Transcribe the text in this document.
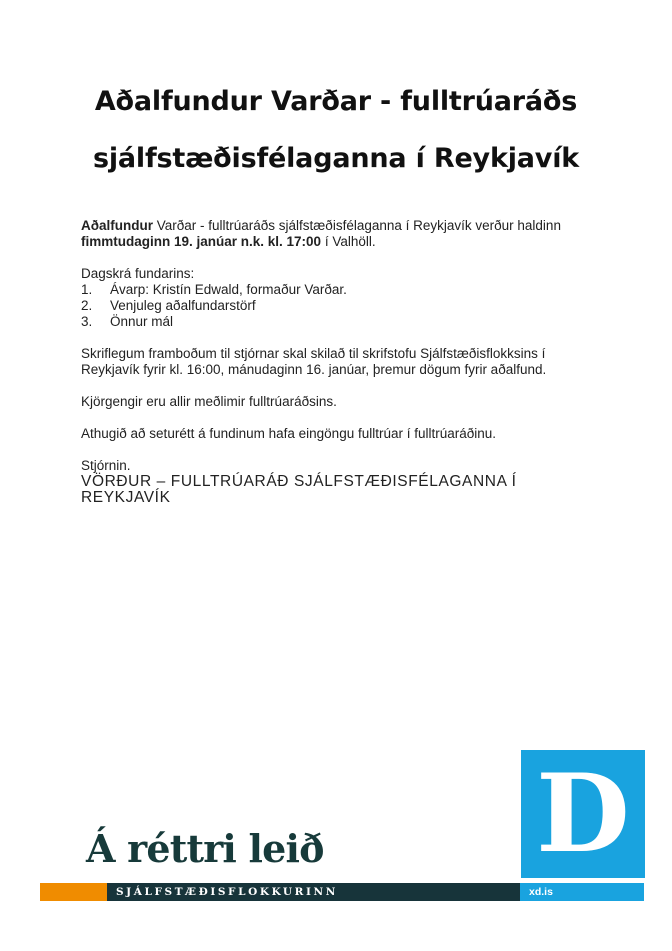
Aðalfundur Varðar - fulltrúaráðs
sjálfstæðisfélaganna í Reykjavík

Aðalfundur Varðar - fulltrúaráðs sjálfstæðisfélaganna í Reykjavík verður haldinn fimmtudaginn 19. janúar n.k. kl. 17:00 í Valhöll.

Dagskrá fundarins:

1.	Ávarp: Kristín Edwald, formaður Varðar.
2.	Venjuleg aðalfundarstörf
3.	Önnur mál

Skriflegum framboðum til stjórnar skal skilað til skrifstofu Sjálfstæðisflokksins í Reykjavík fyrir kl. 16:00, mánudaginn 16. janúar, þremur dögum fyrir aðalfund.

Kjörgengir eru allir meðlimir fulltrúaráðsins.

Athugið að seturétt á fundinum hafa eingöngu fulltrúar í fulltrúaráðinu.

Stjórnin.

VÖRÐUR – FULLTRÚARÁÐ SJÁLFSTÆÐISFÉLAGANNA Í REYKJAVÍK

Á réttri leið D
SJÁLFSTÆÐISFLOKKURINN	xd.is
